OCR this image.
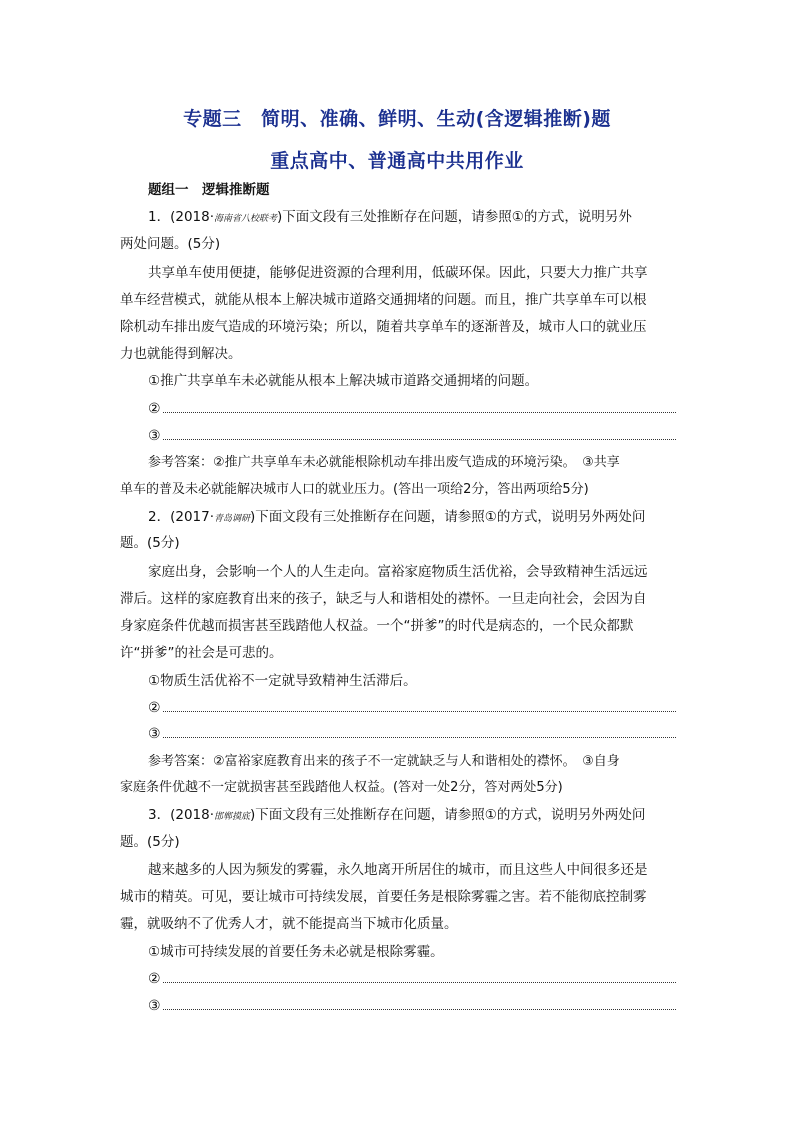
专题三　简明、准确、鲜明、生动(含逻辑推断)题
重点高中、普通高中共用作业
题组一　逻辑推断题
1．(2018·海南省八校联考)下面文段有三处推断存在问题，请参照①的方式，说明另外
两处问题。(5分)
共享单车使用便捷，能够促进资源的合理利用，低碳环保。因此，只要大力推广共享
单车经营模式，就能从根本上解决城市道路交通拥堵的问题。而且，推广共享单车可以根
除机动车排出废气造成的环境污染；所以，随着共享单车的逐渐普及，城市人口的就业压
力也就能得到解决。
①推广共享单车未必就能从根本上解决城市道路交通拥堵的问题。
②
③
参考答案：②推广共享单车未必就能根除机动车排出废气造成的环境污染。　③共享
单车的普及未必就能解决城市人口的就业压力。(答出一项给2分，答出两项给5分)
2．(2017·青岛调研)下面文段有三处推断存在问题，请参照①的方式，说明另外两处问
题。(5分)
家庭出身，会影响一个人的人生走向。富裕家庭物质生活优裕，会导致精神生活远远
滞后。这样的家庭教育出来的孩子，缺乏与人和谐相处的襟怀。一旦走向社会，会因为自
身家庭条件优越而损害甚至践踏他人权益。一个“拼爹”的时代是病态的，一个民众都默
许“拼爹”的社会是可悲的。
①物质生活优裕不一定就导致精神生活滞后。
②
③
参考答案：②富裕家庭教育出来的孩子不一定就缺乏与人和谐相处的襟怀。　③自身
家庭条件优越不一定就损害甚至践踏他人权益。(答对一处2分，答对两处5分)
3．(2018·邯郸摸底)下面文段有三处推断存在问题，请参照①的方式，说明另外两处问
题。(5分)
越来越多的人因为频发的雾霾，永久地离开所居住的城市，而且这些人中间很多还是
城市的精英。可见，要让城市可持续发展，首要任务是根除雾霾之害。若不能彻底控制雾
霾，就吸纳不了优秀人才，就不能提高当下城市化质量。
①城市可持续发展的首要任务未必就是根除雾霾。
②
③
